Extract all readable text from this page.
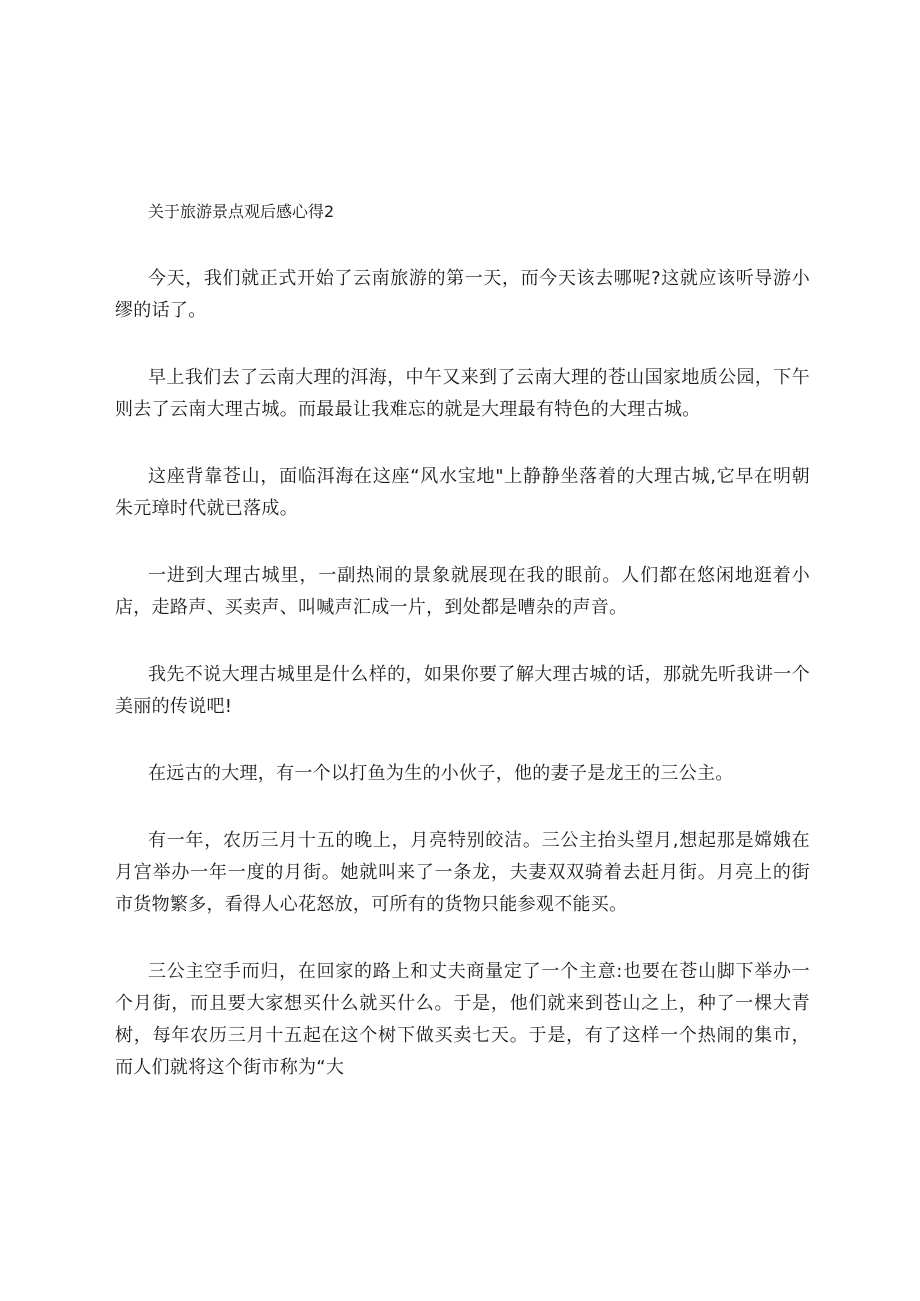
关于旅游景点观后感心得2

今天，我们就正式开始了云南旅游的第一天，而今天该去哪呢?这就应该听导游小缪的话了。

早上我们去了云南大理的洱海，中午又来到了云南大理的苍山国家地质公园，下午则去了云南大理古城。而最最让我难忘的就是大理最有特色的大理古城。

这座背靠苍山，面临洱海在这座“风水宝地"上静静坐落着的大理古城,它早在明朝朱元璋时代就已落成。

一进到大理古城里，一副热闹的景象就展现在我的眼前。人们都在悠闲地逛着小店，走路声、买卖声、叫喊声汇成一片，到处都是嘈杂的声音。

我先不说大理古城里是什么样的，如果你要了解大理古城的话，那就先听我讲一个美丽的传说吧!

在远古的大理，有一个以打鱼为生的小伙子，他的妻子是龙王的三公主。

有一年，农历三月十五的晚上，月亮特别皎洁。三公主抬头望月,想起那是嫦娥在月宫举办一年一度的月街。她就叫来了一条龙，夫妻双双骑着去赶月街。月亮上的街市货物繁多，看得人心花怒放，可所有的货物只能参观不能买。

三公主空手而归，在回家的路上和丈夫商量定了一个主意:也要在苍山脚下举办一个月街，而且要大家想买什么就买什么。于是，他们就来到苍山之上，种了一棵大青树，每年农历三月十五起在这个树下做买卖七天。于是，有了这样一个热闹的集市，而人们就将这个街市称为“大
